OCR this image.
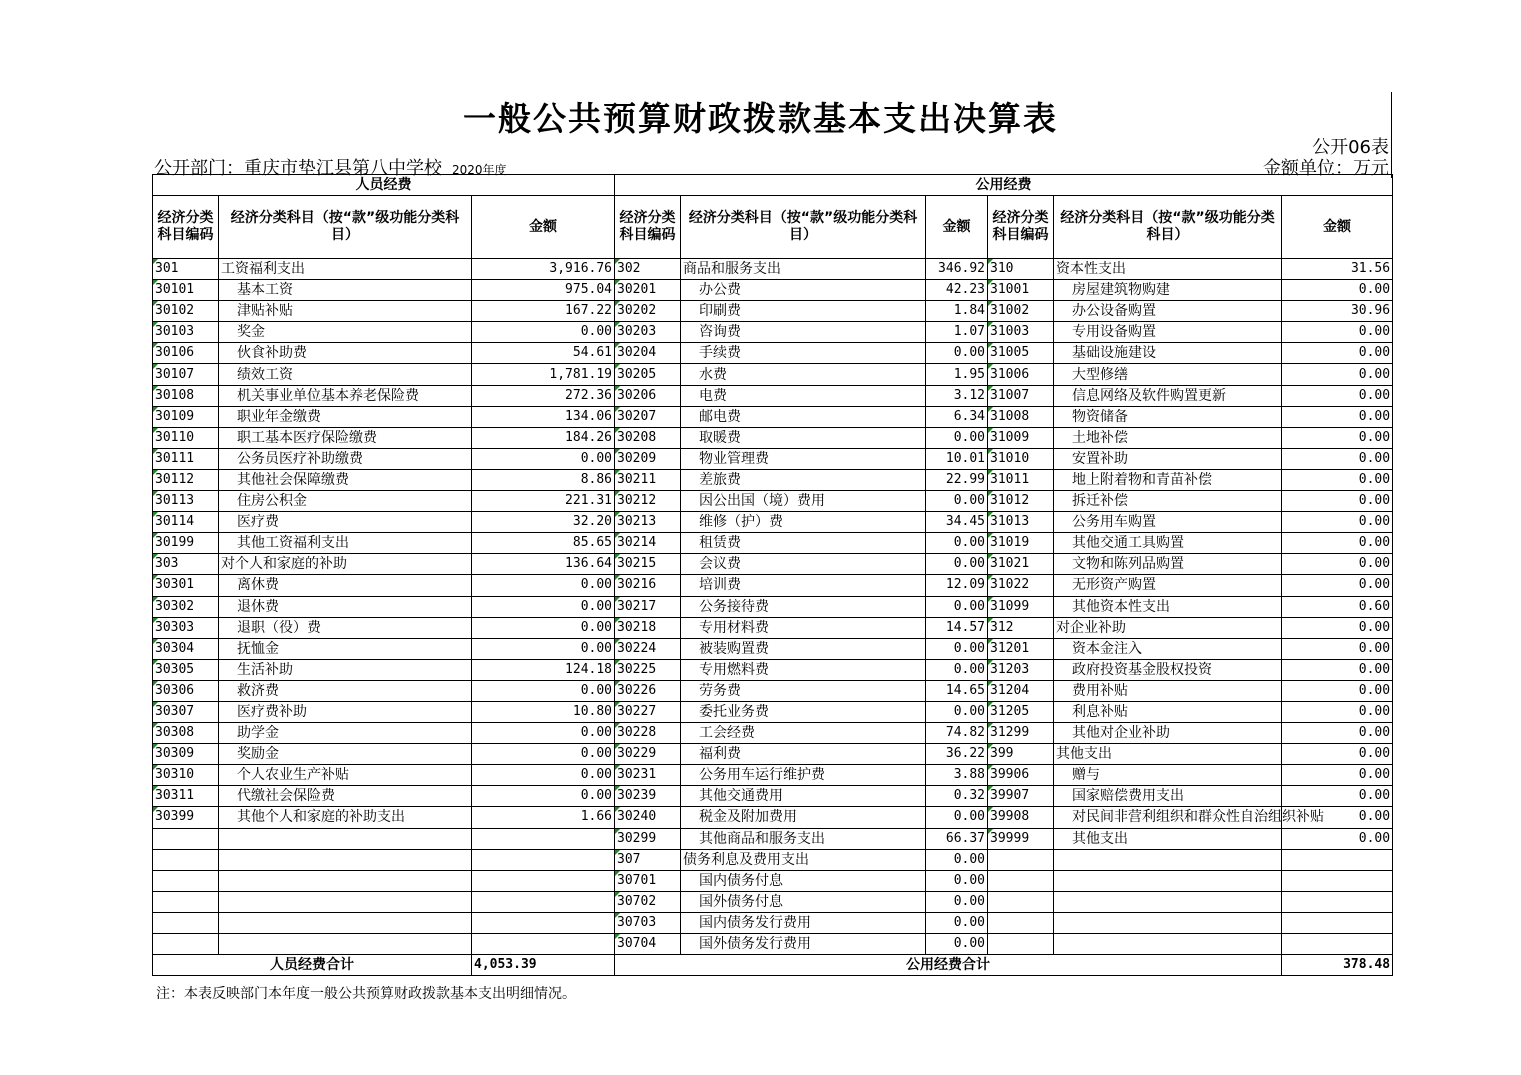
一般公共预算财政拨款基本支出决算表
公开06表
公开部门：重庆市垫江县第八中学校 2020年度	金额单位：万元
人员经费			公用经费					
经济分类科目编码	经济分类科目（按“款”级功能分类科目）	金额	经济分类科目编码	经济分类科目（按“款”级功能分类科目）	金额	经济分类科目编码	经济分类科目（按“款”级功能分类科目）	金额
301	工资福利支出	3,916.76	302	商品和服务支出	346.92	310	资本性支出	31.56
30101	基本工资	975.04	30201	办公费	42.23	31001	房屋建筑物购建	0.00
30102	津贴补贴	167.22	30202	印刷费	1.84	31002	办公设备购置	30.96
30103	奖金	0.00	30203	咨询费	1.07	31003	专用设备购置	0.00
30106	伙食补助费	54.61	30204	手续费	0.00	31005	基础设施建设	0.00
30107	绩效工资	1,781.19	30205	水费	1.95	31006	大型修缮	0.00
30108	机关事业单位基本养老保险费	272.36	30206	电费	3.12	31007	信息网络及软件购置更新	0.00
30109	职业年金缴费	134.06	30207	邮电费	6.34	31008	物资储备	0.00
30110	职工基本医疗保险缴费	184.26	30208	取暖费	0.00	31009	土地补偿	0.00
30111	公务员医疗补助缴费	0.00	30209	物业管理费	10.01	31010	安置补助	0.00
30112	其他社会保障缴费	8.86	30211	差旅费	22.99	31011	地上附着物和青苗补偿	0.00
30113	住房公积金	221.31	30212	因公出国（境）费用	0.00	31012	拆迁补偿	0.00
30114	医疗费	32.20	30213	维修（护）费	34.45	31013	公务用车购置	0.00
30199	其他工资福利支出	85.65	30214	租赁费	0.00	31019	其他交通工具购置	0.00
303	对个人和家庭的补助	136.64	30215	会议费	0.00	31021	文物和陈列品购置	0.00
30301	离休费	0.00	30216	培训费	12.09	31022	无形资产购置	0.00
30302	退休费	0.00	30217	公务接待费	0.00	31099	其他资本性支出	0.60
30303	退职（役）费	0.00	30218	专用材料费	14.57	312	对企业补助	0.00
30304	抚恤金	0.00	30224	被装购置费	0.00	31201	资本金注入	0.00
30305	生活补助	124.18	30225	专用燃料费	0.00	31203	政府投资基金股权投资	0.00
30306	救济费	0.00	30226	劳务费	14.65	31204	费用补贴	0.00
30307	医疗费补助	10.80	30227	委托业务费	0.00	31205	利息补贴	0.00
30308	助学金	0.00	30228	工会经费	74.82	31299	其他对企业补助	0.00
30309	奖励金	0.00	30229	福利费	36.22	399	其他支出	0.00
30310	个人农业生产补贴	0.00	30231	公务用车运行维护费	3.88	39906	赠与	0.00
30311	代缴社会保险费	0.00	30239	其他交通费用	0.32	39907	国家赔偿费用支出	0.00
30399	其他个人和家庭的补助支出	1.66	30240	税金及附加费用	0.00	39908	对民间非营利组织和群众性自治组织补贴	0.00
			30299	其他商品和服务支出	66.37	39999	其他支出	0.00
			307	债务利息及费用支出	0.00			
			30701	国内债务付息	0.00			
			30702	国外债务付息	0.00			
			30703	国内债务发行费用	0.00			
			30704	国外债务发行费用	0.00			
人员经费合计		4,053.39	公用经费合计					378.48
注：本表反映部门本年度一般公共预算财政拨款基本支出明细情况。
